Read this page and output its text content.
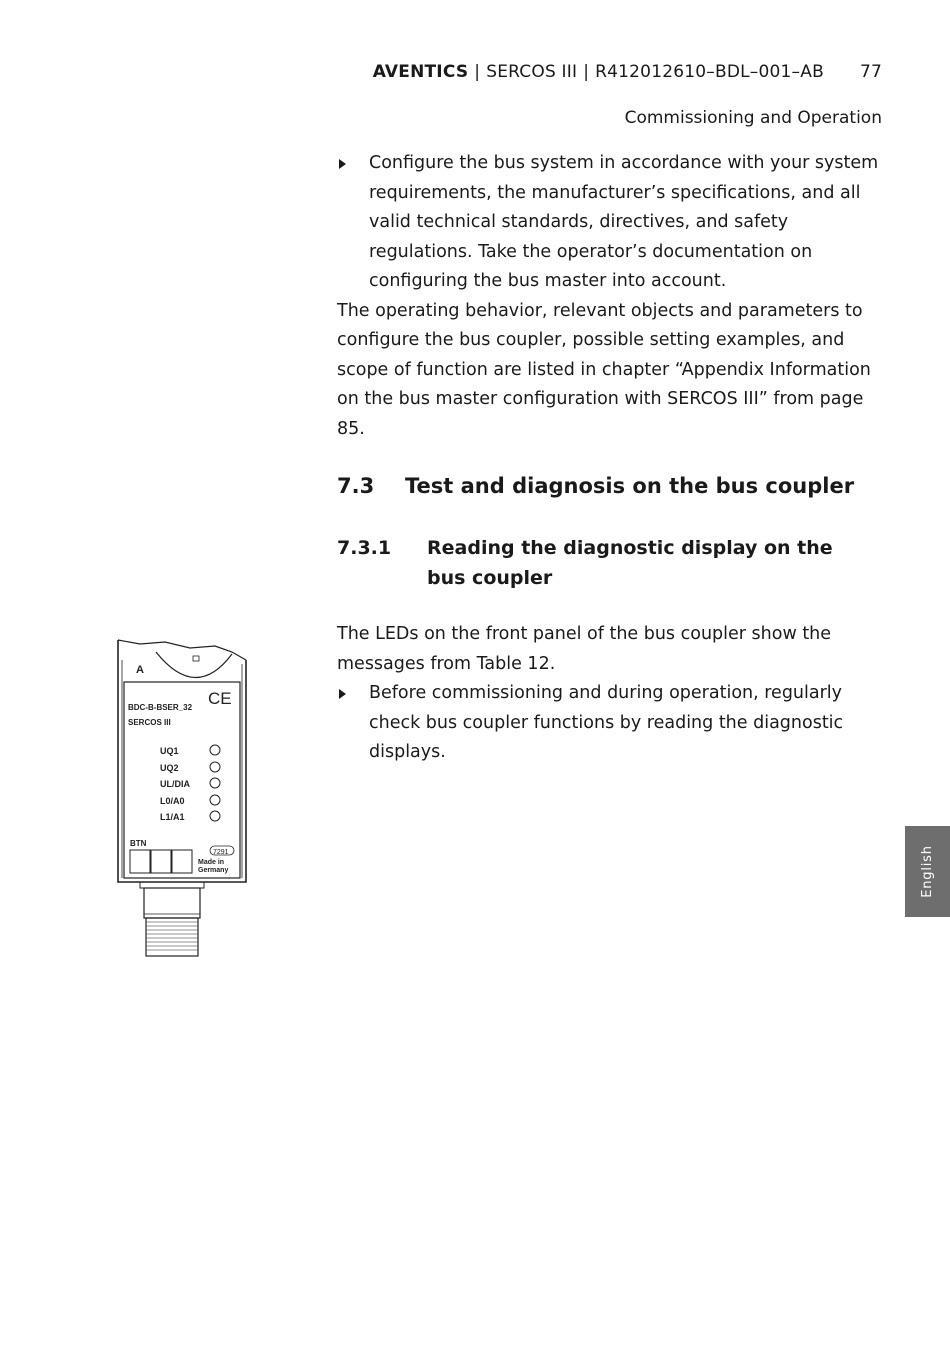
AVENTICS | SERCOS III | R412012610–BDL–001–AB 77
Commissioning and Operation

Configure the bus system in accordance with your system requirements, the manufacturer’s specifications, and all valid technical standards, directives, and safety regulations. Take the operator’s documentation on configuring the bus master into account.

The operating behavior, relevant objects and parameters to configure the bus coupler, possible setting examples, and scope of function are listed in chapter “Appendix Information on the bus master configuration with SERCOS III” from page 85.

7.3	Test and diagnosis on the bus coupler
7.3.1	Reading the diagnostic display on the bus coupler

The LEDs on the front panel of the bus coupler show the messages from Table 12.

Before commissioning and during operation, regularly check bus coupler functions by reading the diagnostic displays.

A
BDC-B-BSER_32
SERCOS III
CE
UQ1
UQ2
UL/DIA
L0/A0
L1/A1
BTN
7291
Made in
Germany	English
